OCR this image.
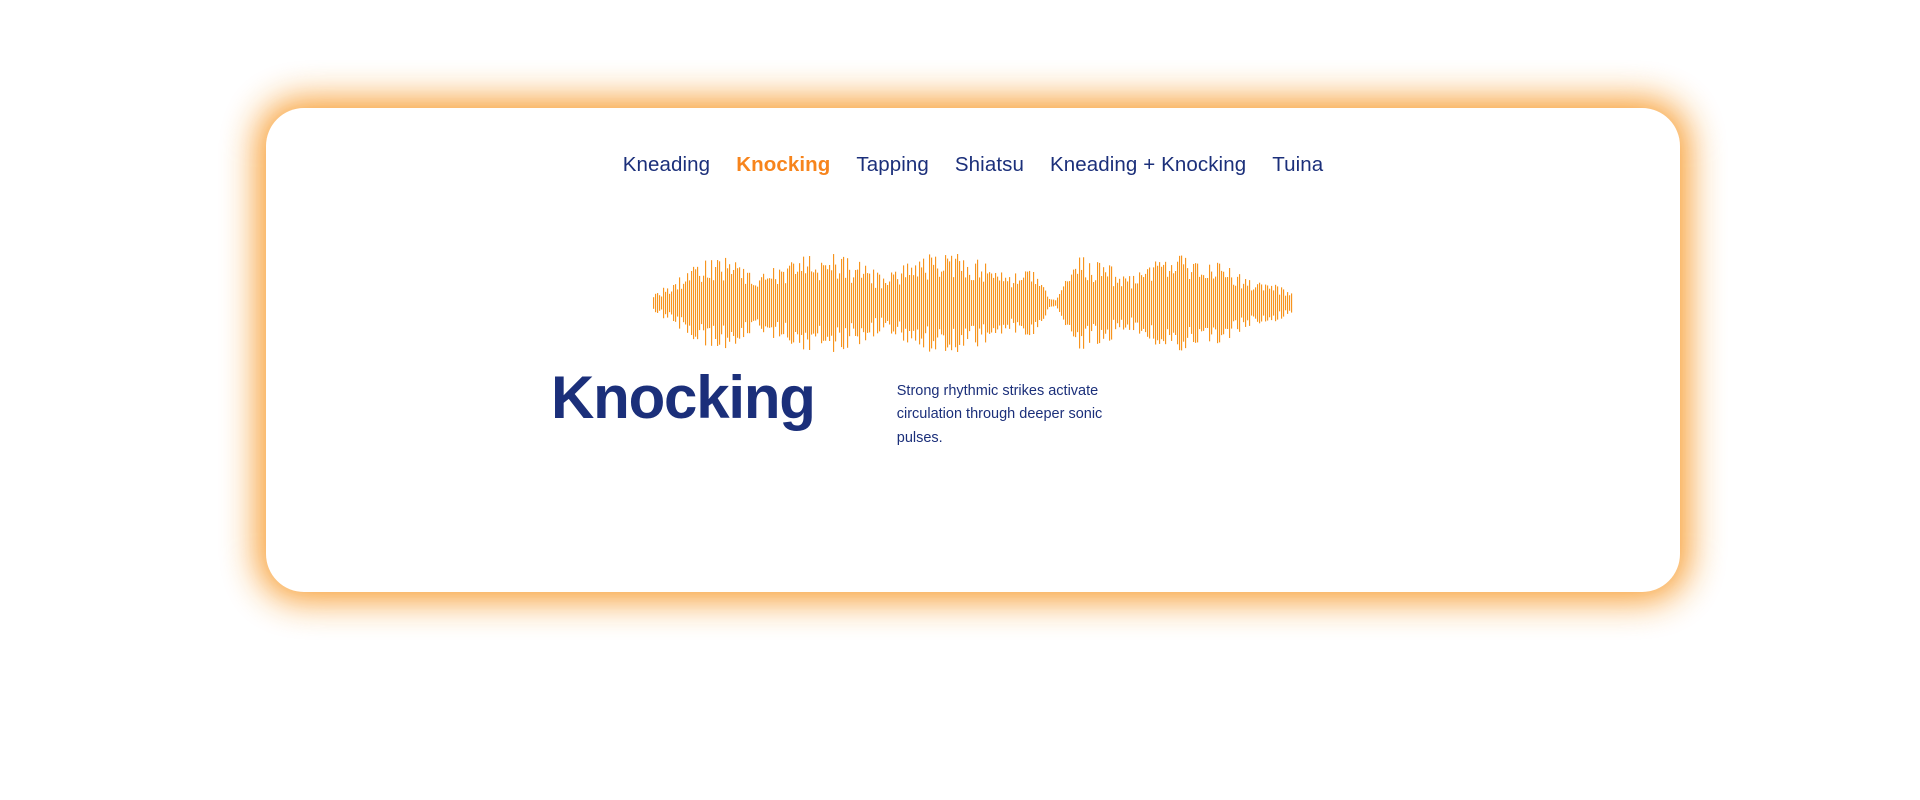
Kneading Knocking Tapping Shiatsu Kneading + Knocking Tuina
Knocking	Strong rhythmic strikes activate circulation through deeper sonic pulses.
